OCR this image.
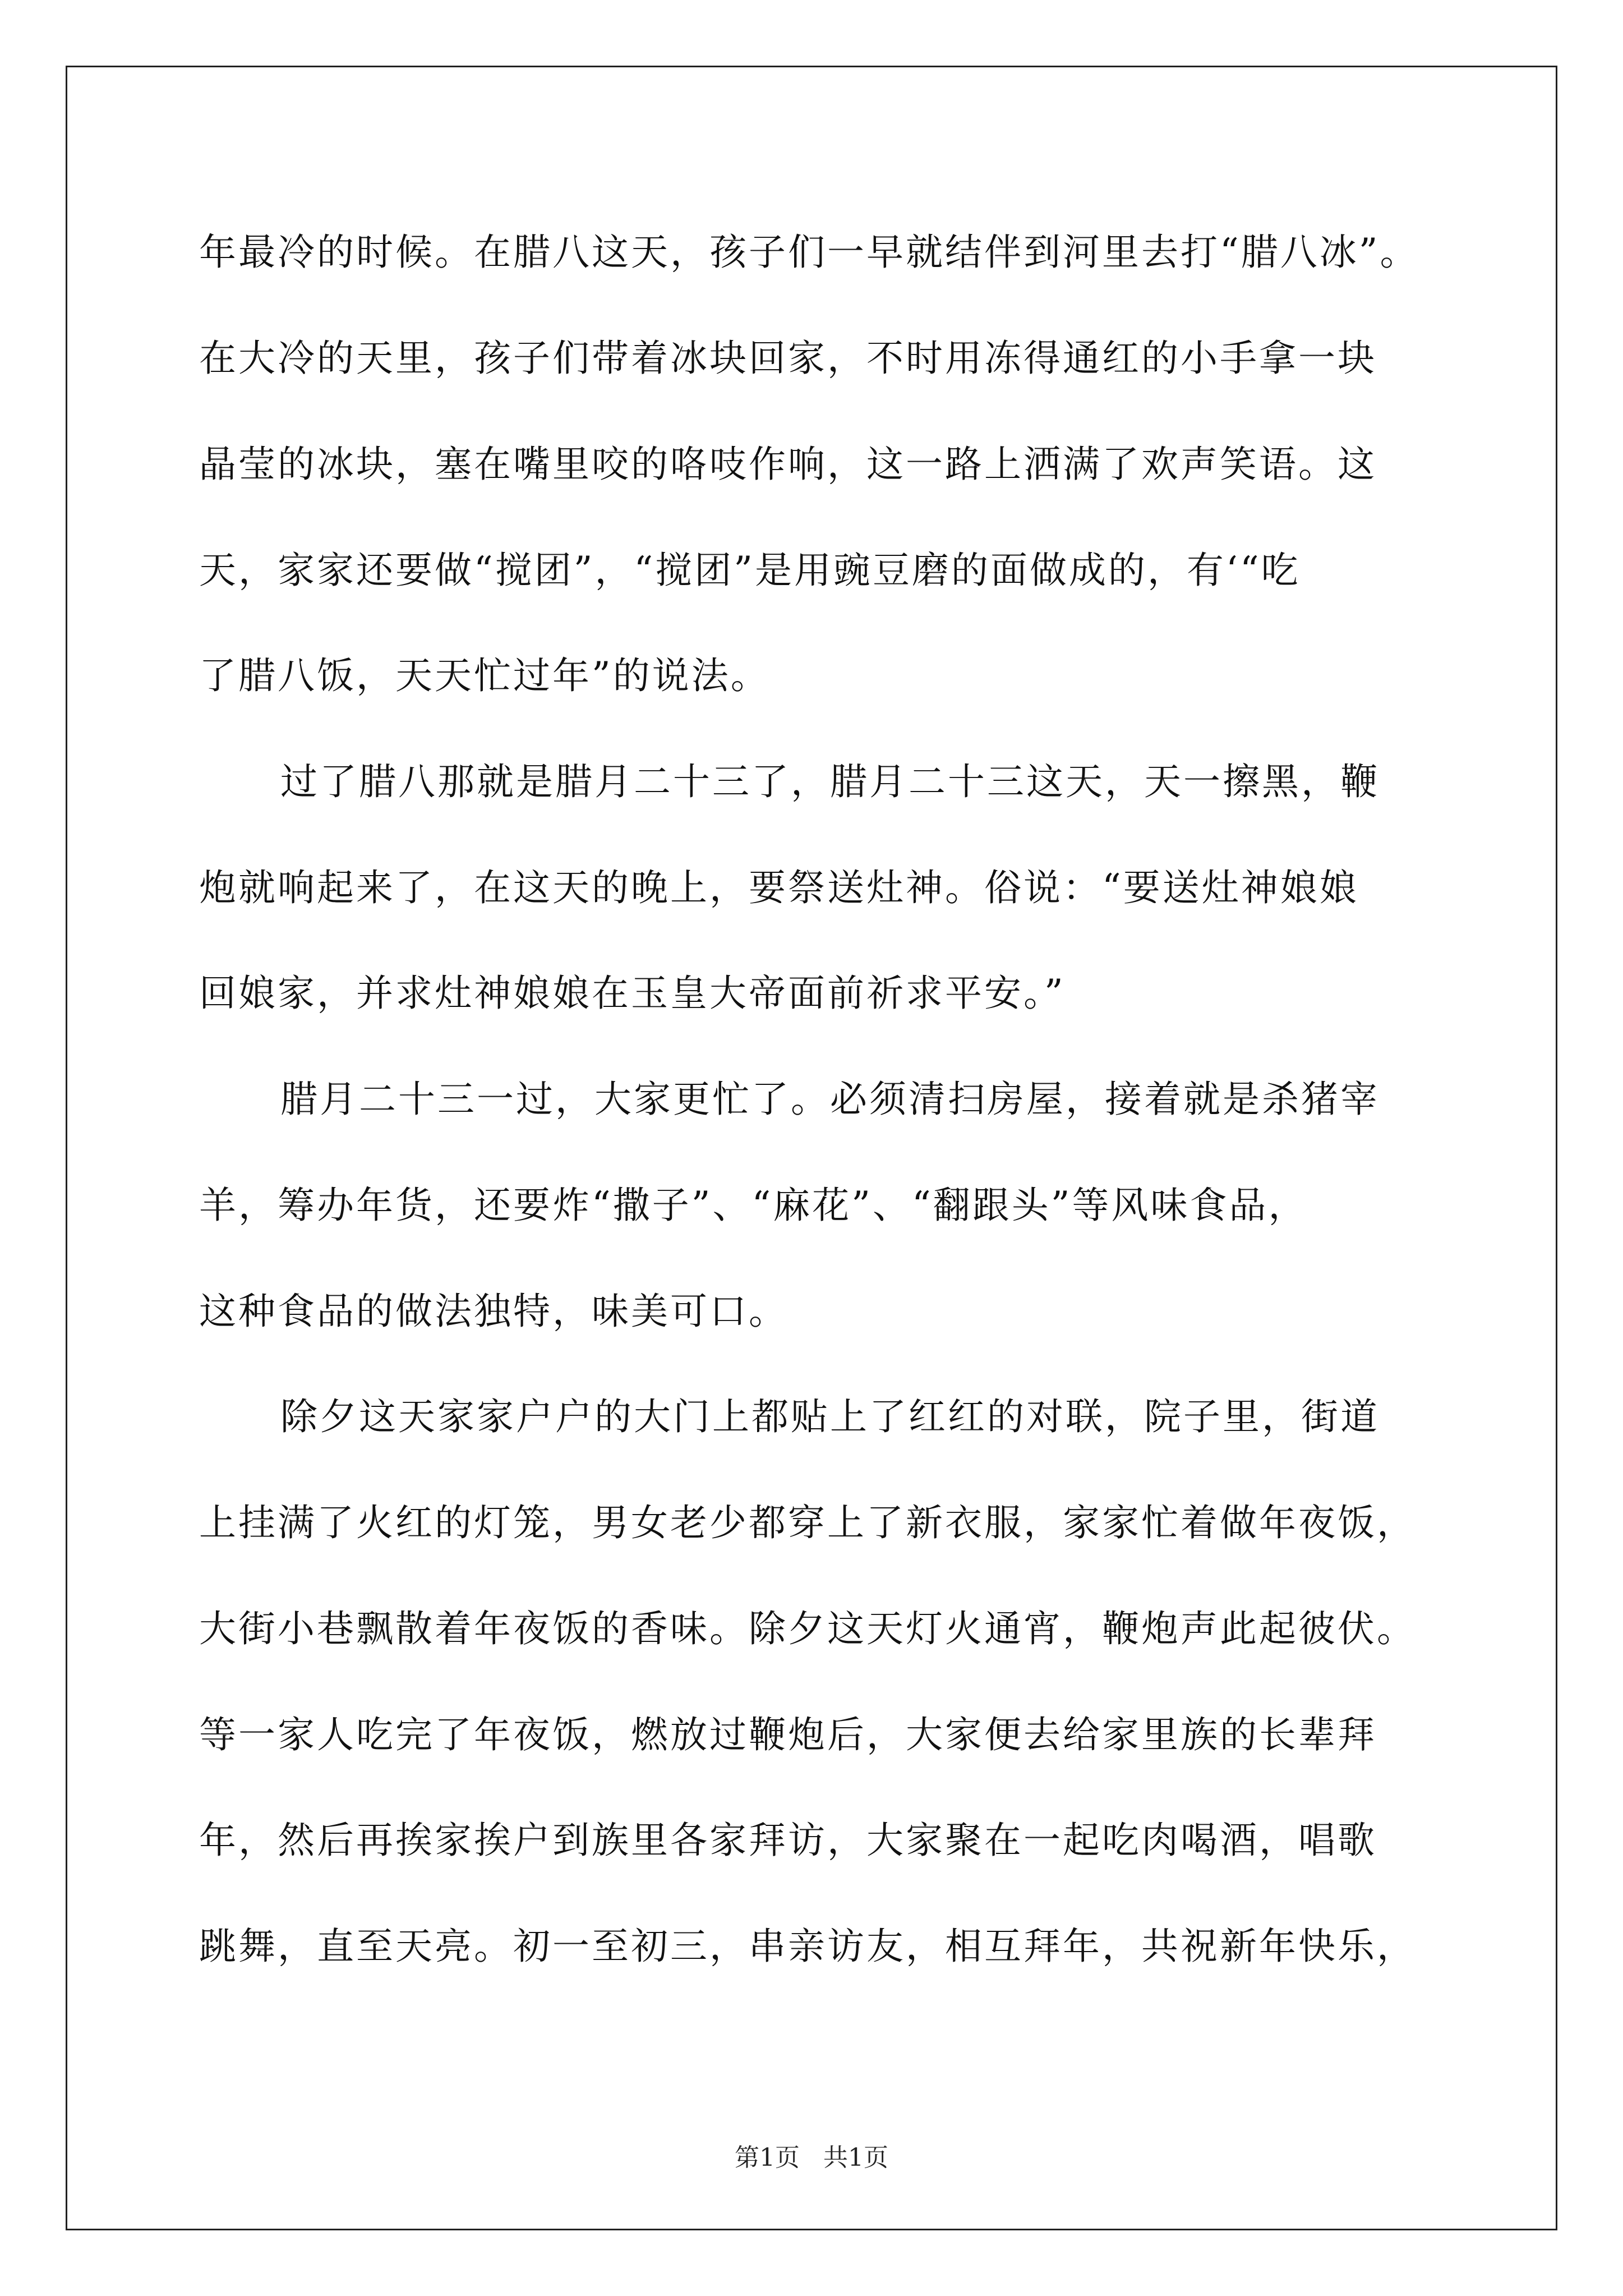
年最冷的时候。在腊八这天，孩子们一早就结伴到河里去打“腊八冰”。
在大冷的天里，孩子们带着冰块回家，不时用冻得通红的小手拿一块
晶莹的冰块，塞在嘴里咬的咯吱作响，这一路上洒满了欢声笑语。这
天，家家还要做“搅团”，“搅团”是用豌豆磨的面做成的，有‘“吃
了腊八饭，天天忙过年”的说法。
过了腊八那就是腊月二十三了，腊月二十三这天，天一擦黑，鞭
炮就响起来了，在这天的晚上，要祭送灶神。俗说：“要送灶神娘娘
回娘家，并求灶神娘娘在玉皇大帝面前祈求平安。”
腊月二十三一过，大家更忙了。必须清扫房屋，接着就是杀猪宰
羊，筹办年货，还要炸“撒子”、“麻花”、“翻跟头”等风味食品，
这种食品的做法独特，味美可口。
除夕这天家家户户的大门上都贴上了红红的对联，院子里，街道
上挂满了火红的灯笼，男女老少都穿上了新衣服，家家忙着做年夜饭，
大街小巷飘散着年夜饭的香味。除夕这天灯火通宵，鞭炮声此起彼伏。
等一家人吃完了年夜饭，燃放过鞭炮后，大家便去给家里族的长辈拜
年，然后再挨家挨户到族里各家拜访，大家聚在一起吃肉喝酒，唱歌
跳舞，直至天亮。初一至初三，串亲访友，相互拜年，共祝新年快乐，
第1页   共1页
